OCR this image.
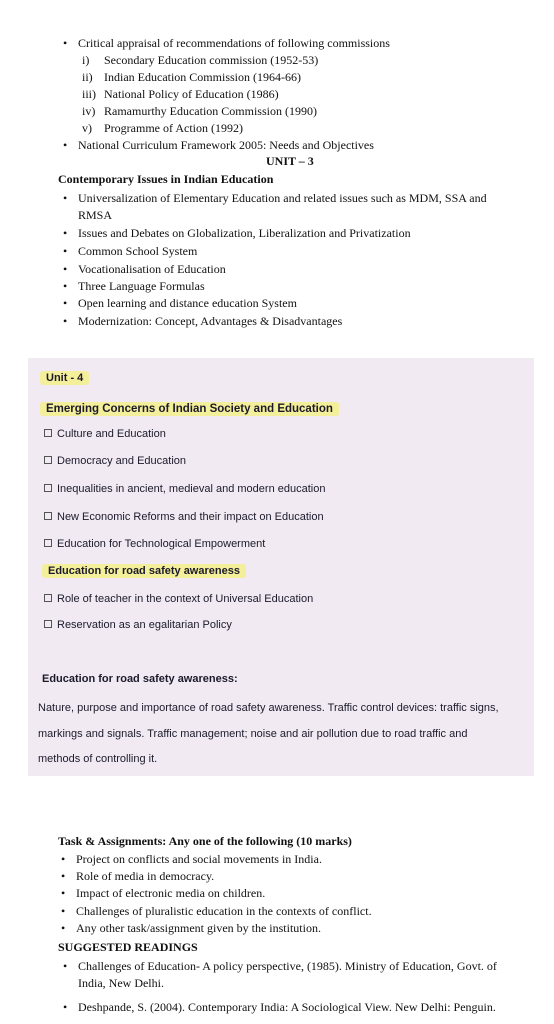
• Critical appraisal of recommendations of following commissions
i) Secondary Education commission (1952-53)
ii) Indian Education Commission (1964-66)
iii) National Policy of Education (1986)
iv) Ramamurthy Education Commission (1990)
v) Programme of Action (1992)
• National Curriculum Framework 2005: Needs and Objectives
UNIT – 3
Contemporary Issues in Indian Education
• Universalization of Elementary Education and related issues such as MDM, SSA and
RMSA
• Issues and Debates on Globalization, Liberalization and Privatization
• Common School System
• Vocationalisation of Education
• Three Language Formulas
• Open learning and distance education System
• Modernization: Concept, Advantages & Disadvantages
Unit - 4
Emerging Concerns of Indian Society and Education
Culture and Education
Democracy and Education
Inequalities in ancient, medieval and modern education
New Economic Reforms and their impact on Education
Education for Technological Empowerment
Education for road safety awareness
Role of teacher in the context of Universal Education
Reservation as an egalitarian Policy
Education for road safety awareness:
Nature, purpose and importance of road safety awareness. Traffic control devices: traffic signs,
markings and signals. Traffic management; noise and air pollution due to road traffic and
methods of controlling it.
Task & Assignments: Any one of the following (10 marks)
• Project on conflicts and social movements in India.
• Role of media in democracy.
• Impact of electronic media on children.
• Challenges of pluralistic education in the contexts of conflict.
• Any other task/assignment given by the institution.
SUGGESTED READINGS
• Challenges of Education- A policy perspective, (1985). Ministry of Education, Govt. of
India, New Delhi.
• Deshpande, S. (2004). Contemporary India: A Sociological View. New Delhi: Penguin.
